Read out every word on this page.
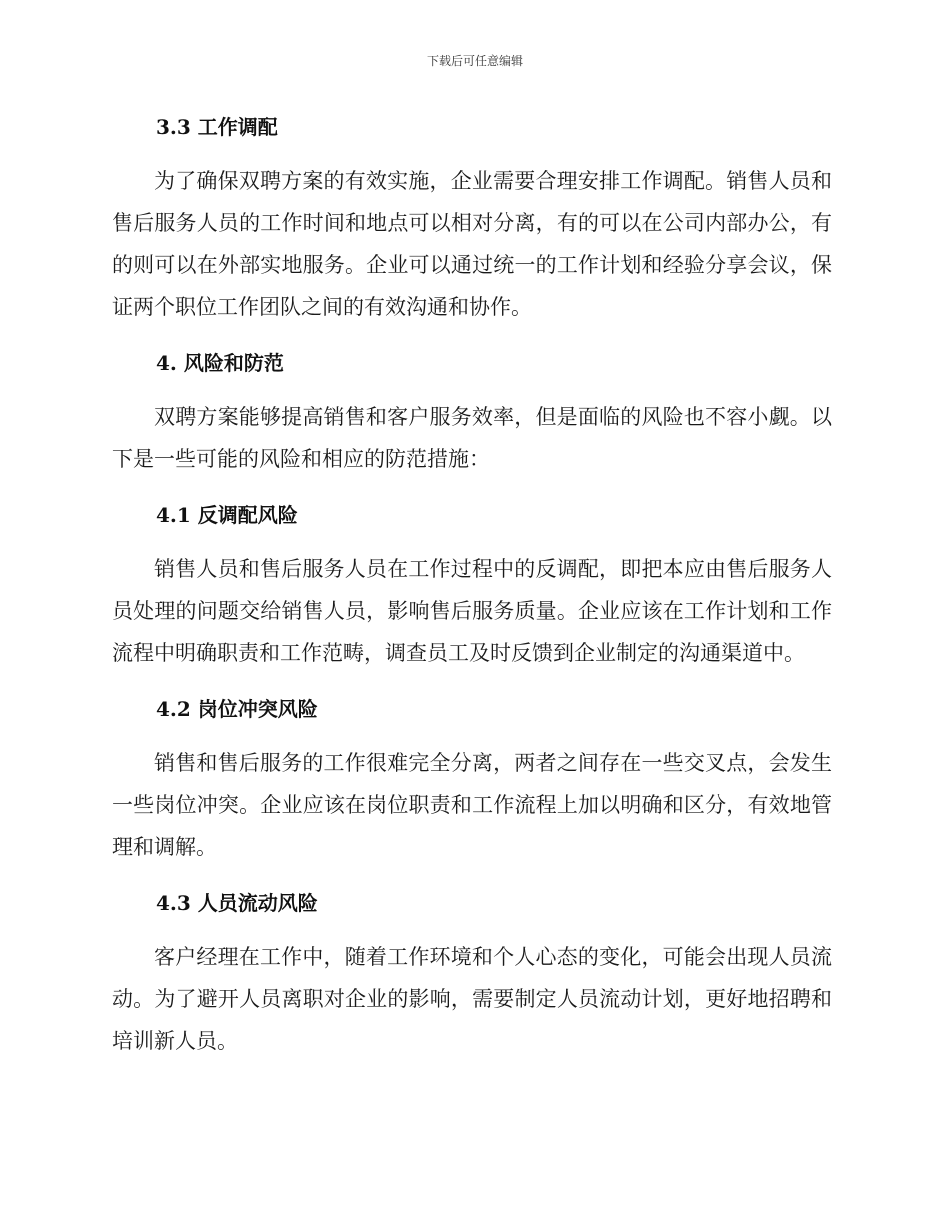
下载后可任意编辑
3.3 工作调配

为了确保双聘方案的有效实施，企业需要合理安排工作调配。销售人员和售后服务人员的工作时间和地点可以相对分离，有的可以在公司内部办公，有的则可以在外部实地服务。企业可以通过统一的工作计划和经验分享会议，保证两个职位工作团队之间的有效沟通和协作。

4. 风险和防范

双聘方案能够提高销售和客户服务效率，但是面临的风险也不容小觑。以下是一些可能的风险和相应的防范措施：

4.1 反调配风险

销售人员和售后服务人员在工作过程中的反调配，即把本应由售后服务人员处理的问题交给销售人员，影响售后服务质量。企业应该在工作计划和工作流程中明确职责和工作范畴，调查员工及时反馈到企业制定的沟通渠道中。

4.2 岗位冲突风险

销售和售后服务的工作很难完全分离，两者之间存在一些交叉点，会发生一些岗位冲突。企业应该在岗位职责和工作流程上加以明确和区分，有效地管理和调解。

4.3 人员流动风险

客户经理在工作中，随着工作环境和个人心态的变化，可能会出现人员流动。为了避开人员离职对企业的影响，需要制定人员流动计划，更好地招聘和培训新人员。
